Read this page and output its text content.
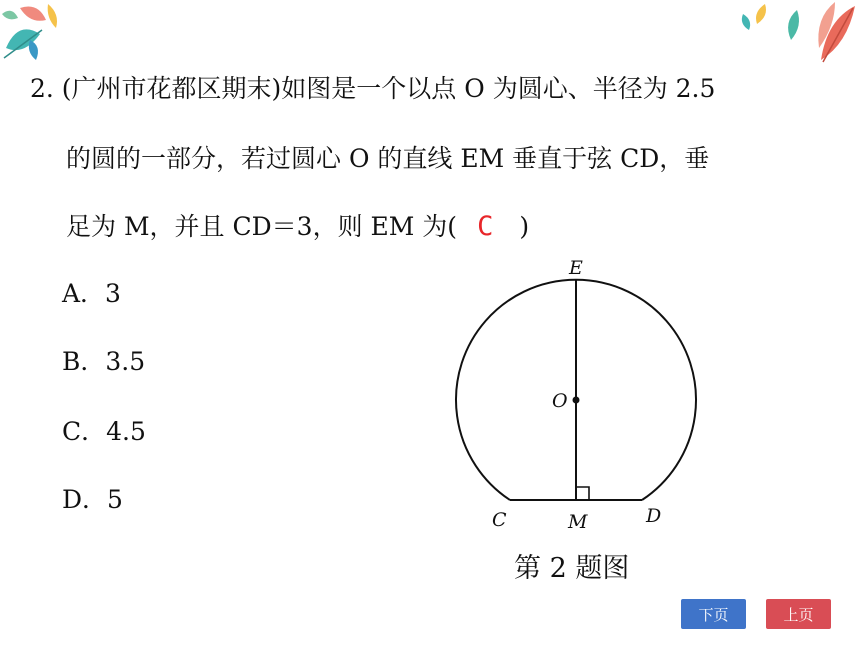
2. (广州市花都区期末)如图是一个以点 O 为圆心、半径为 2.5
的圆的一部分，若过圆心 O 的直线 EM 垂直于弦 CD，垂
足为 M，并且 CD＝3，则 EM 为( C )
A．3
B．3.5
C．4.5
D．5
E
O
C	M	D
第 2 题图
下页	上页
